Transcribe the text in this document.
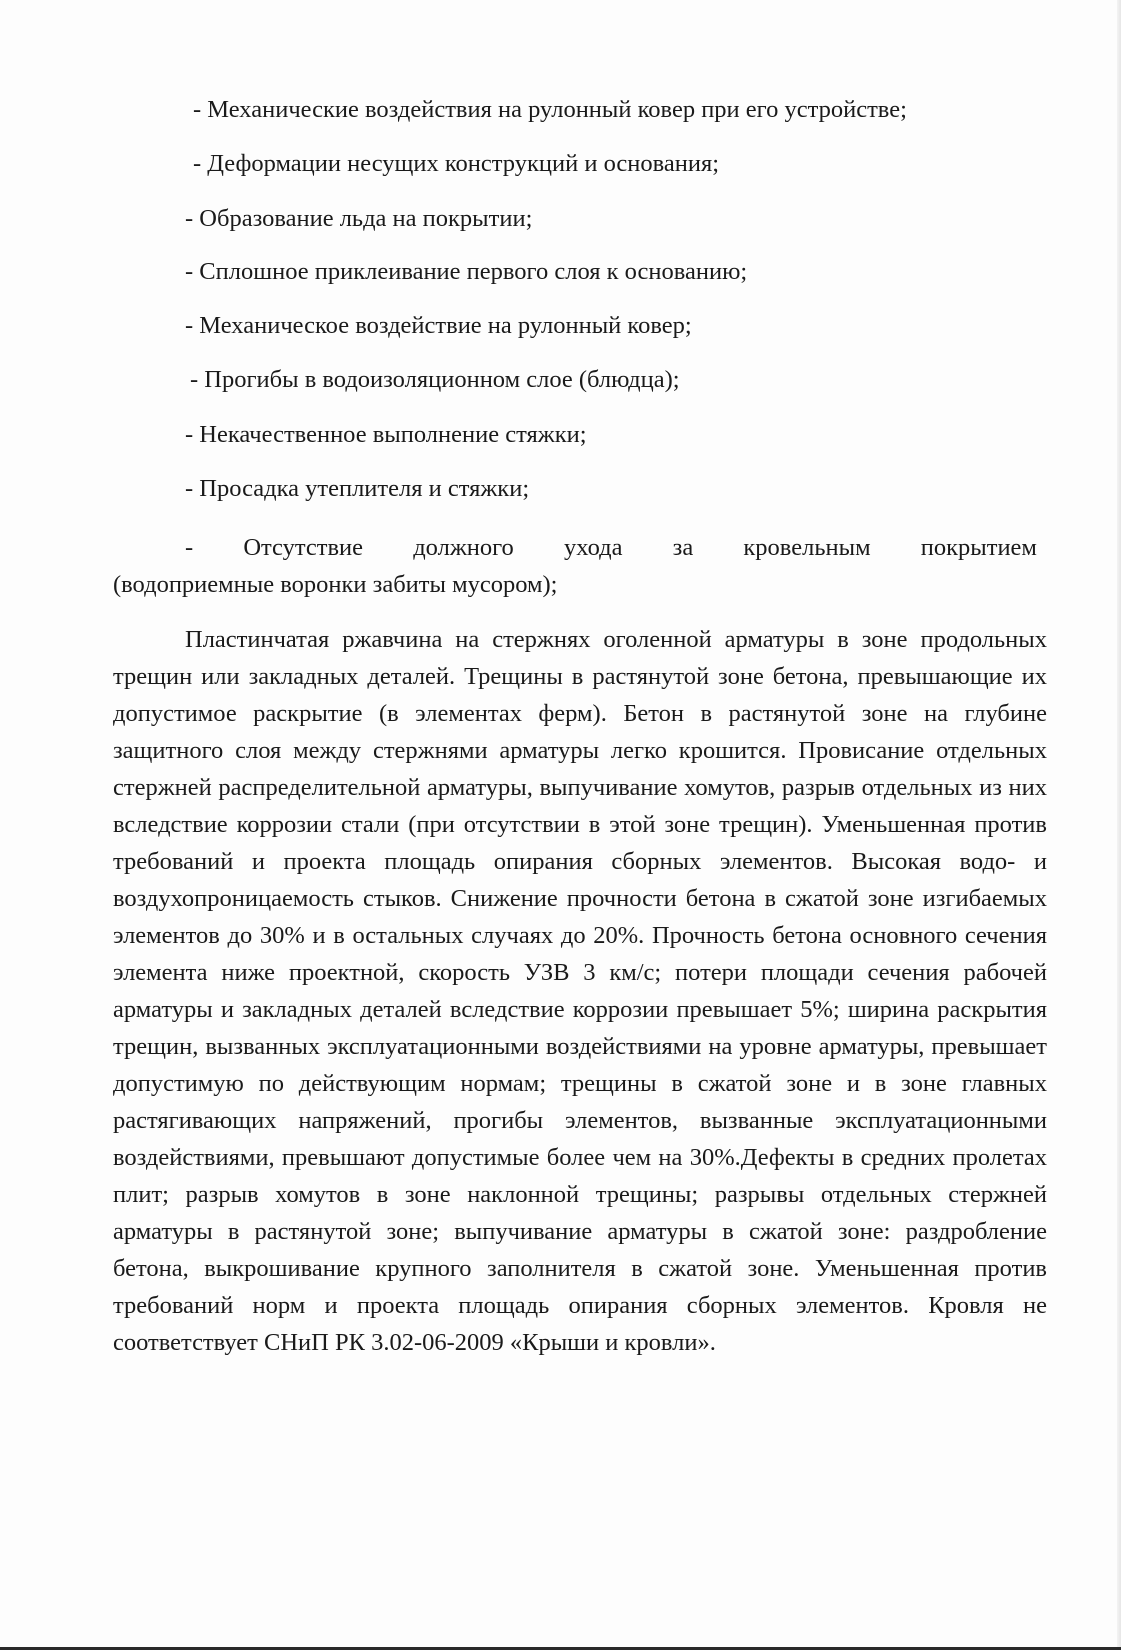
- Механические воздействия на рулонный ковер при его устройстве;
- Деформации несущих конструкций и основания;
- Образование льда на покрытии;
- Сплошное приклеивание первого слоя к основанию;
- Механическое воздействие на рулонный ковер;
- Прогибы в водоизоляционном слое (блюдца);
- Некачественное выполнение стяжки;
- Просадка утеплителя и стяжки;
- Отсутствие должного ухода за кровельным покрытием
(водоприемные воронки забиты мусором);

Пластинчатая ржавчина на стержнях оголенной арматуры в зоне продольных трещин или закладных деталей. Трещины в растянутой зоне бетона, превышающие их допустимое раскрытие (в элементах ферм). Бетон в растянутой зоне на глубине защитного слоя между стержнями арматуры легко крошится. Провисание отдельных стержней распределительной арматуры, выпучивание хомутов, разрыв отдельных из них вследствие коррозии стали (при отсутствии в этой зоне трещин). Уменьшенная против требований и проекта площадь опирания сборных элементов. Высокая водо- и воздухопроницаемость стыков. Снижение прочности бетона в сжатой зоне изгибаемых элементов до 30% и в остальных случаях до 20%. Прочность бетона основного сечения элемента ниже проектной, скорость УЗВ 3 км/с; потери площади сечения рабочей арматуры и закладных деталей вследствие коррозии превышает 5%; ширина раскрытия трещин, вызванных эксплуатационными воздействиями на уровне арматуры, превышает допустимую по действующим нормам; трещины в сжатой зоне и в зоне главных растягивающих напряжений, прогибы элементов, вызванные эксплуатационными воздействиями, превышают допустимые более чем на 30%.Дефекты в средних пролетах плит; разрыв хомутов в зоне наклонной трещины; разрывы отдельных стержней арматуры в растянутой зоне; выпучивание арматуры в сжатой зоне: раздробление бетона, выкрошивание крупного заполнителя в сжатой зоне. Уменьшенная против требований норм и проекта площадь опирания сборных элементов. Кровля не соответствует СНиП РК 3.02-06-2009 «Крыши и кровли».
